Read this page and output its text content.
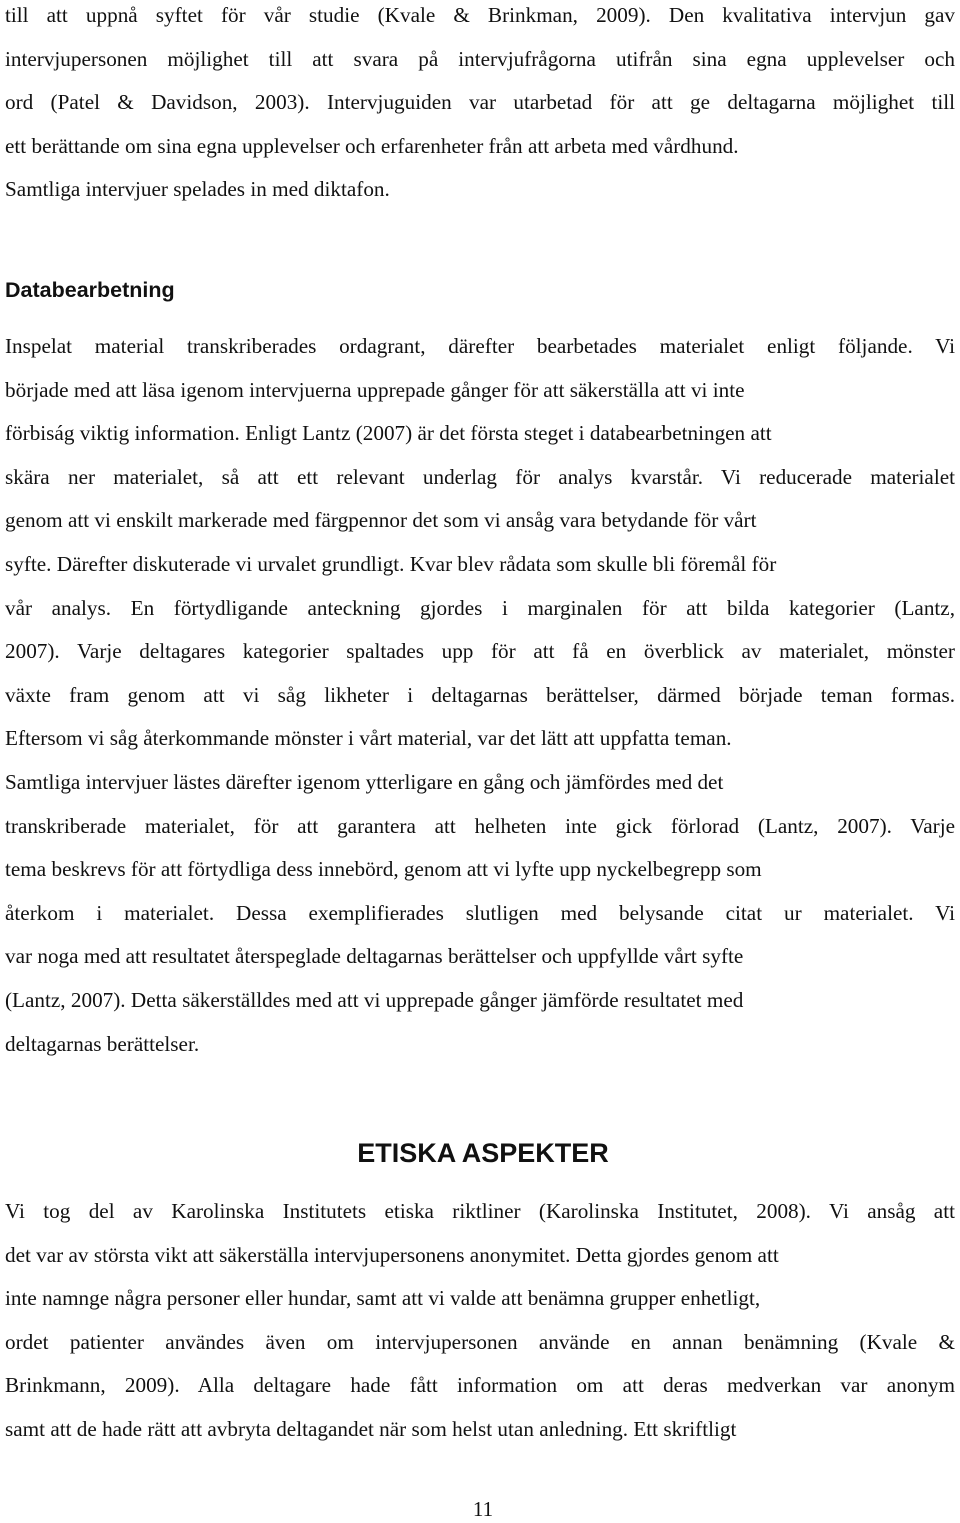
till att uppnå syftet för vår studie (Kvale & Brinkman, 2009). Den kvalitativa intervjun gav
intervjupersonen möjlighet till att svara på intervjufrågorna utifrån sina egna upplevelser och
ord (Patel & Davidson, 2003). Intervjuguiden var utarbetad för att ge deltagarna möjlighet till
ett berättande om sina egna upplevelser och erfarenheter från att arbeta med vårdhund.
Samtliga intervjuer spelades in med diktafon.
Databearbetning
Inspelat material transkriberades ordagrant, därefter bearbetades materialet enligt följande. Vi
började med att läsa igenom intervjuerna upprepade gånger för att säkerställa att vi inte
förbiság viktig information. Enligt Lantz (2007) är det första steget i databearbetningen att
skära ner materialet, så att ett relevant underlag för analys kvarstår. Vi reducerade materialet
genom att vi enskilt markerade med färgpennor det som vi ansåg vara betydande för vårt
syfte. Därefter diskuterade vi urvalet grundligt. Kvar blev rådata som skulle bli föremål för
vår analys. En förtydligande anteckning gjordes i marginalen för att bilda kategorier (Lantz,
2007). Varje deltagares kategorier spaltades upp för att få en överblick av materialet, mönster
växte fram genom att vi såg likheter i deltagarnas berättelser, därmed började teman formas.
Eftersom vi såg återkommande mönster i vårt material, var det lätt att uppfatta teman.
Samtliga intervjuer lästes därefter igenom ytterligare en gång och jämfördes med det
transkriberade materialet, för att garantera att helheten inte gick förlorad (Lantz, 2007). Varje
tema beskrevs för att förtydliga dess innebörd, genom att vi lyfte upp nyckelbegrepp som
återkom i materialet. Dessa exemplifierades slutligen med belysande citat ur materialet. Vi
var noga med att resultatet återspeglade deltagarnas berättelser och uppfyllde vårt syfte
(Lantz, 2007). Detta säkerställdes med att vi upprepade gånger jämförde resultatet med
deltagarnas berättelser.
ETISKA ASPEKTER
Vi tog del av Karolinska Institutets etiska riktliner (Karolinska Institutet, 2008). Vi ansåg att
det var av största vikt att säkerställa intervjupersonens anonymitet. Detta gjordes genom att
inte namnge några personer eller hundar, samt att vi valde att benämna grupper enhetligt,
ordet patienter användes även om intervjupersonen använde en annan benämning (Kvale &
Brinkmann, 2009). Alla deltagare hade fått information om att deras medverkan var anonym
samt att de hade rätt att avbryta deltagandet när som helst utan anledning. Ett skriftligt
11
